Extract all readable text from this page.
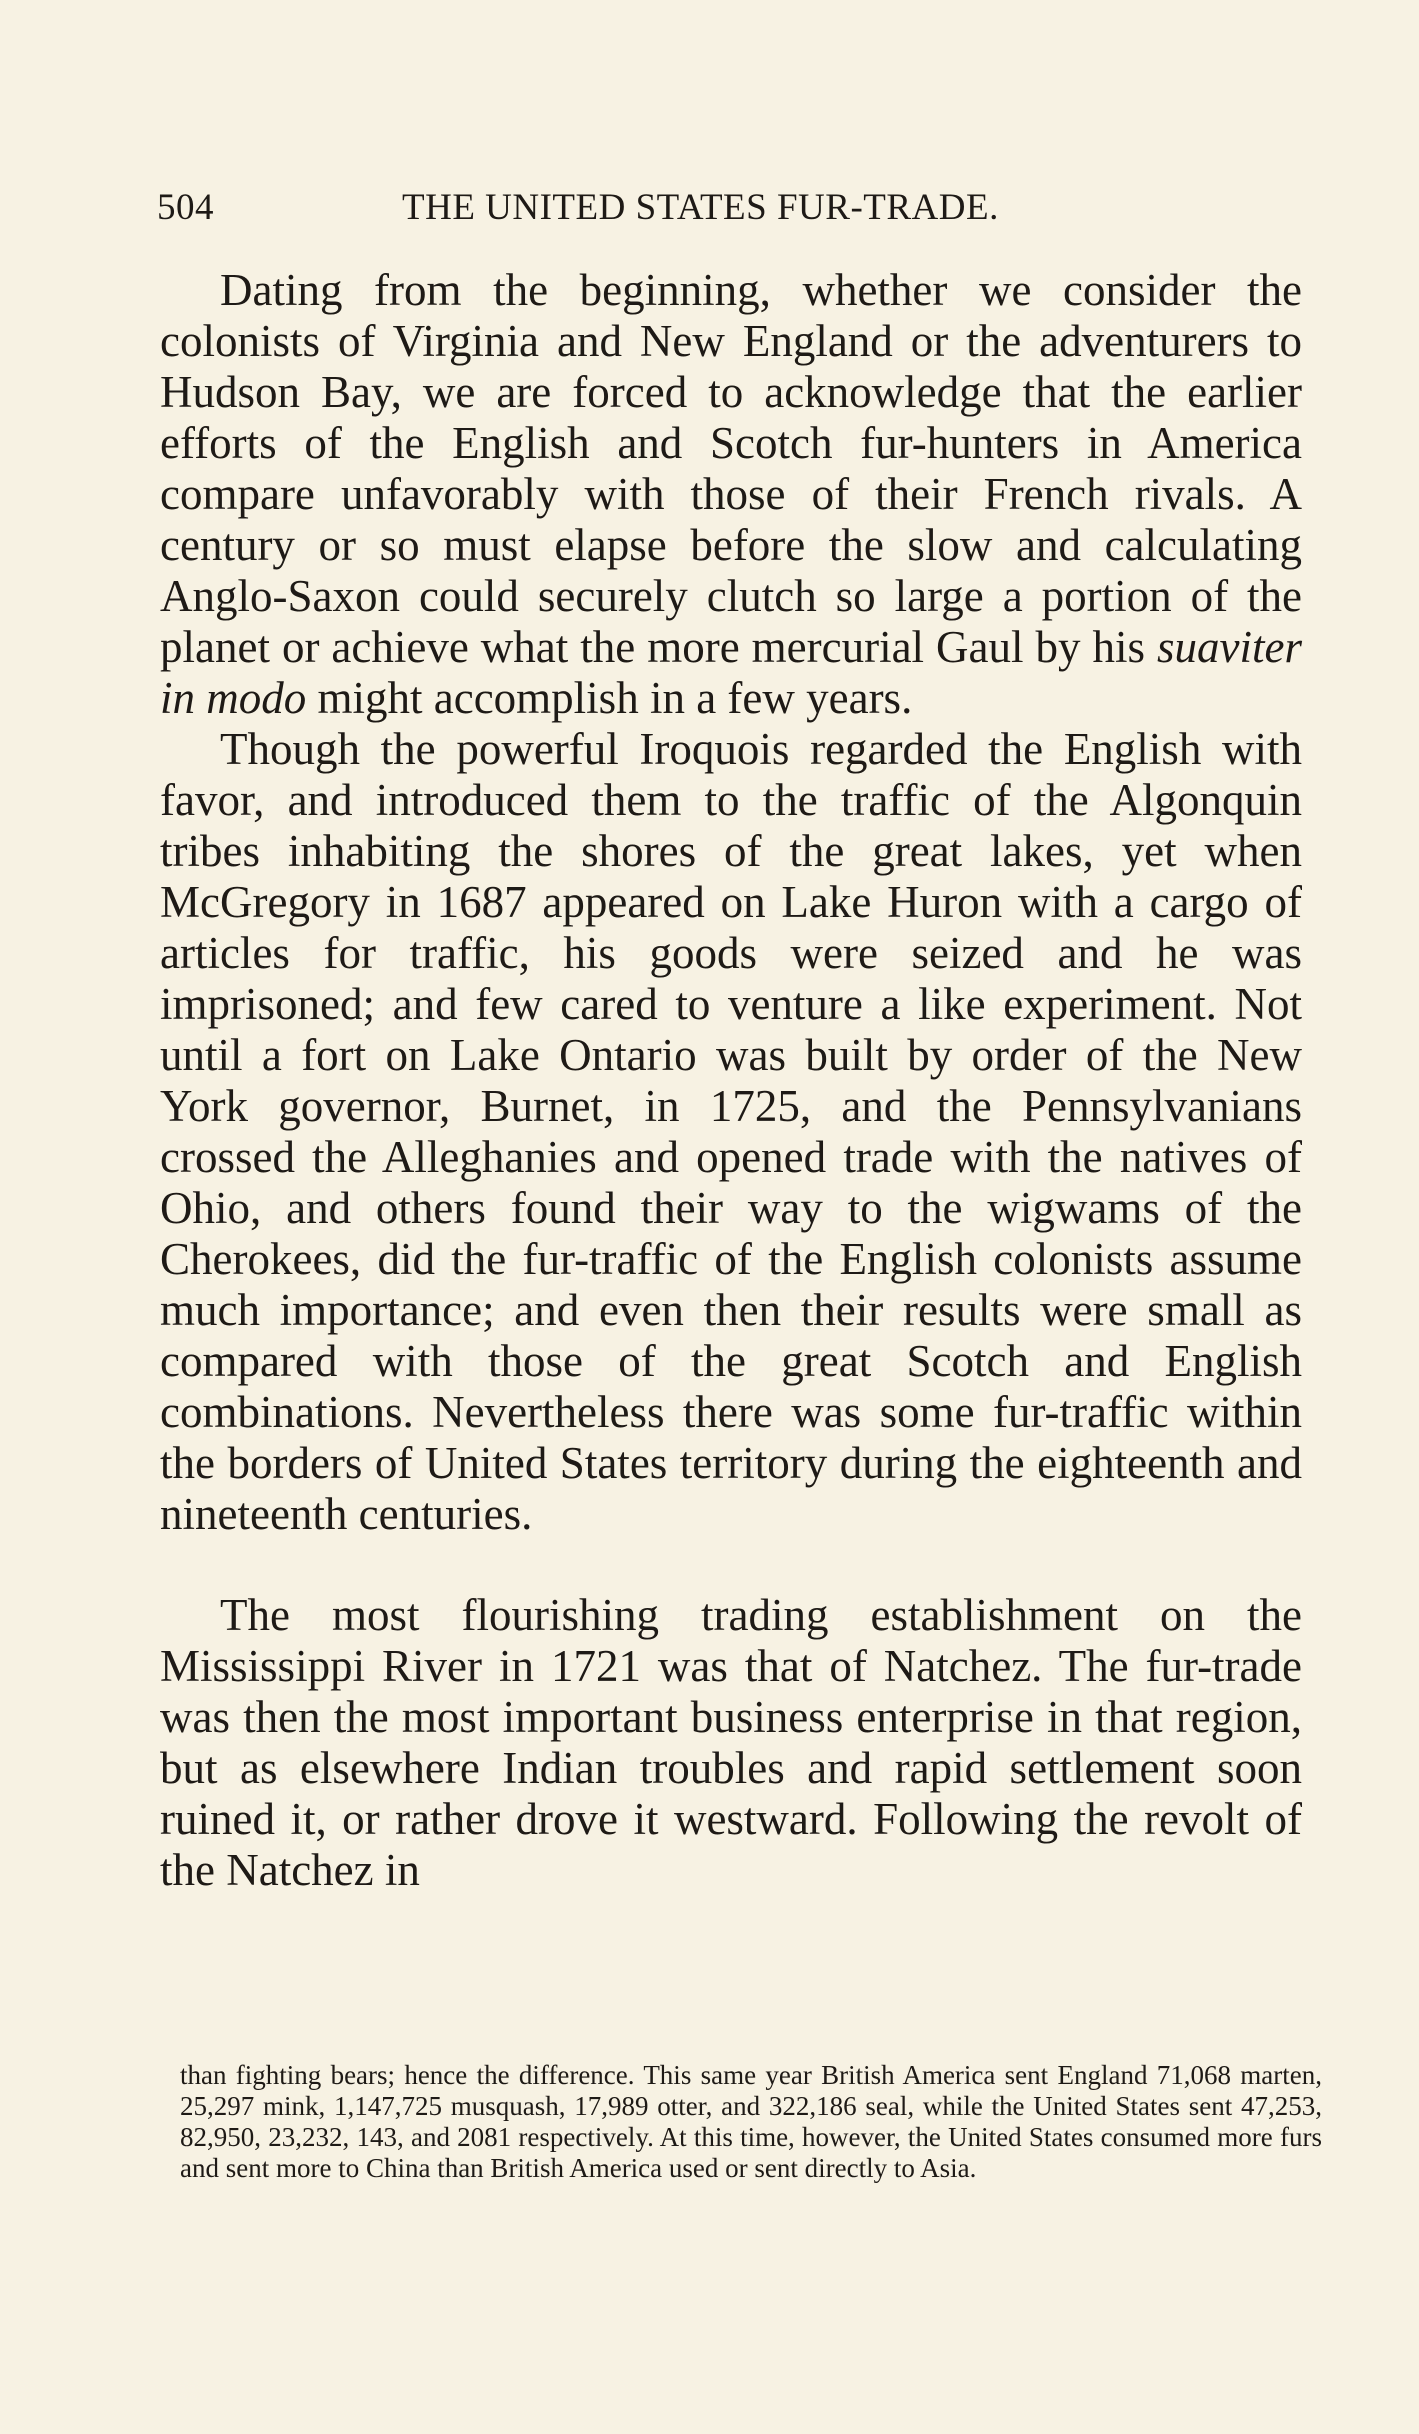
504	THE UNITED STATES FUR-TRADE.

Dating from the beginning, whether we consider the colonists of Virginia and New England or the adventurers to Hudson Bay, we are forced to acknowledge that the earlier efforts of the English and Scotch fur-hunters in America compare unfavorably with those of their French rivals. A century or so must elapse before the slow and calculating Anglo-Saxon could securely clutch so large a portion of the planet or achieve what the more mercurial Gaul by his suaviter in modo might accomplish in a few years.

Though the powerful Iroquois regarded the English with favor, and introduced them to the traffic of the Algonquin tribes inhabiting the shores of the great lakes, yet when McGregory in 1687 appeared on Lake Huron with a cargo of articles for traffic, his goods were seized and he was imprisoned; and few cared to venture a like experiment. Not until a fort on Lake Ontario was built by order of the New York governor, Burnet, in 1725, and the Pennsylvanians crossed the Alleghanies and opened trade with the natives of Ohio, and others found their way to the wigwams of the Cherokees, did the fur-traffic of the English colonists assume much importance; and even then their results were small as compared with those of the great Scotch and English combinations. Nevertheless there was some fur-traffic within the borders of United States territory during the eighteenth and nineteenth centuries.

The most flourishing trading establishment on the Mississippi River in 1721 was that of Natchez. The fur-trade was then the most important business enterprise in that region, but as elsewhere Indian troubles and rapid settlement soon ruined it, or rather drove it westward. Following the revolt of the Natchez in

than fighting bears; hence the difference. This same year British America sent England 71,068 marten, 25,297 mink, 1,147,725 musquash, 17,989 otter, and 322,186 seal, while the United States sent 47,253, 82,950, 23,232, 143, and 2081 respectively. At this time, however, the United States consumed more furs and sent more to China than British America used or sent directly to Asia.
